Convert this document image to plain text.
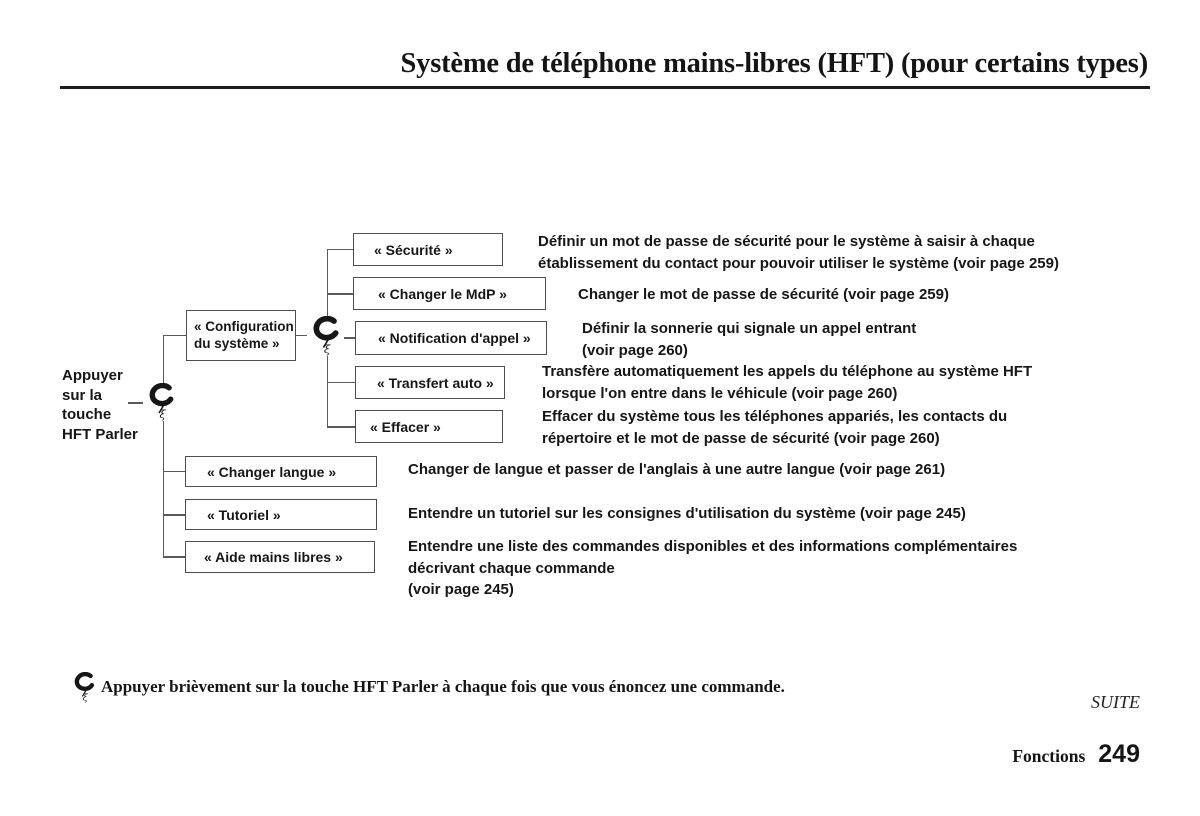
Système de téléphone mains-libres (HFT) (pour certains types)
Appuyer
sur la
touche
HFT Parler
ξ
« Configuration
du système »	ξ
« Sécurité »
« Changer le MdP »
« Notification d'appel »
« Transfert auto »
« Effacer »
« Changer langue »
« Tutoriel »
« Aide mains libres »
Définir un mot de passe de sécurité pour le système à saisir à chaque
établissement du contact pour pouvoir utiliser le système (voir page 259)
Changer le mot de passe de sécurité (voir page 259)
Définir la sonnerie qui signale un appel entrant
(voir page 260)
Transfère automatiquement les appels du téléphone au système HFT
lorsque l'on entre dans le véhicule (voir page 260)
Effacer du système tous les téléphones appariés, les contacts du
répertoire et le mot de passe de sécurité (voir page 260)
Changer de langue et passer de l'anglais à une autre langue (voir page 261)
Entendre un tutoriel sur les consignes d'utilisation du système (voir page 245)
Entendre une liste des commandes disponibles et des informations complémentaires
décrivant chaque commande
(voir page 245)
ξ
Appuyer brièvement sur la touche HFT Parler à chaque fois que vous énoncez une commande.
SUITE
Fonctions 249
